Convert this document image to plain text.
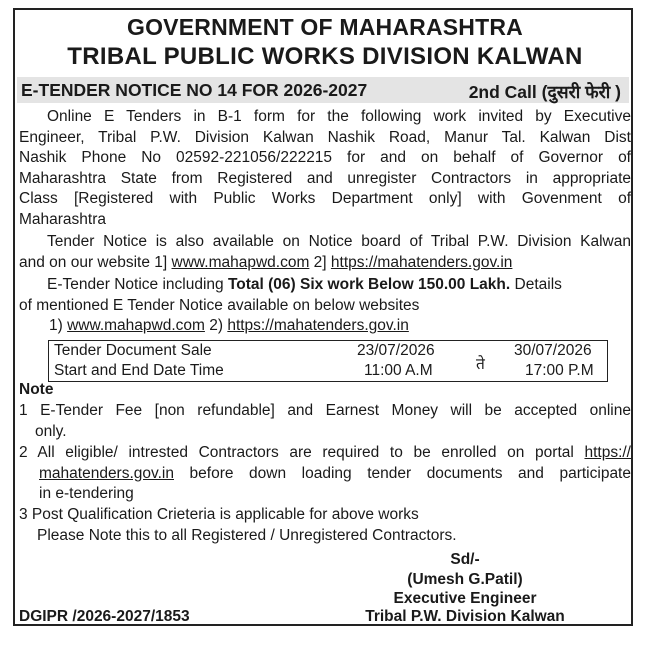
GOVERNMENT OF MAHARASHTRA
TRIBAL PUBLIC WORKS DIVISION KALWAN
E-TENDER NOTICE NO 14 FOR 2026-2027	2nd Call (दुसरी फेरी )
Online E Tenders in B-1 form for the following work invited by Executive
Engineer, Tribal P.W. Division Kalwan Nashik Road, Manur Tal. Kalwan Dist
Nashik Phone No 02592-221056/222215 for and on behalf of Governor of
Maharashtra State from Registered and unregister Contractors in appropriate
Class [Registered with Public Works Department only] with Govenment of
Maharashtra
Tender Notice is also available on Notice board of Tribal P.W. Division Kalwan
and on our website 1] www.mahapwd.com 2] https://mahatenders.gov.in
E-Tender Notice including Total (06) Six work Below 150.00 Lakh. Details
of mentioned E Tender Notice available on below websites
1) www.mahapwd.com 2) https://mahatenders.gov.in
Tender Document Sale
Start and End Date Time
23/07/2026
11:00 A.M	ते
30/07/2026
17:00 P.M
Note
1 E-Tender Fee [non refundable] and Earnest Money will be accepted online
only.
2 All eligible/ intrested Contractors are required to be enrolled on portal https://
mahatenders.gov.in before down loading tender documents and participate
in e-tendering
3 Post Qualification Crieteria is applicable for above works
Please Note this to all Registered / Unregistered Contractors.
Sd/-
(Umesh G.Patil)
Executive Engineer
Tribal P.W. Division Kalwan
DGIPR /2026-2027/1853
